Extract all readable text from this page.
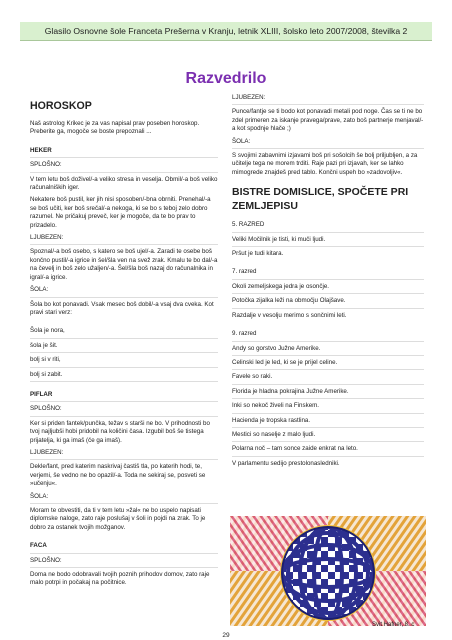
Glasilo Osnovne šole Franceta Prešerna v Kranju, letnik XLIII, šolsko leto 2007/2008, številka 2
Razvedrilo
HOROSKOP

Naš astrolog Krikec je za vas napisal prav poseben horoskop. Preberite ga, mogoče se boste prepoznali ...

HEKER

SPLOŠNO:

V tem letu boš doživel/-a veliko stresa in veselja. Obmil/-a boš veliko računalniških iger.

Nekatere boš pustil, ker jih nisi sposoben/-bna obrniti. Prenehal/-a se boš učiti, ker boš srečal/-a nekoga, ki se bo s teboj zelo dobro razumel. Ne pričakuj preveč, ker je mogoče, da te bo prav to prizadelo.

LJUBEZEN:

Spoznal/-a boš osebo, s katero se boš ujel/-a. Zaradi te osebe boš končno pustil/-a igrice in šel/šla ven na svež zrak. Kmalu te bo dal/-a na čevelj in boš zelo užaljen/-a. Šel/šla boš nazaj do računalnika in igral/-a igrice.

ŠOLA:

Šola bo kot ponavadi. Vsak mesec boš dobil/-a vsaj dva cveka. Kot pravi stari verz:

Šola je nora,

šola je šit.

bolj si v riti,

bolj si zabit.

PIFLAR

SPLOŠNO:

Ker si priden fantek/punčka, težav s starši ne bo. V prihodnosti bo tvoj najljubši hobi pridobil na količini časa. Izgubil boš še tistega prijatelja, ki ga imaš (če ga imaš).

LJUBEZEN:

Dekle/fant, pred katerim naskrivaj častiš tla, po katerih hodi, te, verjemi, še vedno ne bo opazil/-a. Toda ne sekiraj se, posveti se »učenju«.

ŠOLA:

Moram te obvestiti, da ti v tem letu »žal« ne bo uspelo napisati diplomske naloge, zato raje poslušaj v šoli in pojdi na zrak. To je dobro za ostanek tvojih možganov.

FACA

SPLOŠNO:

Doma ne bodo odobravali tvojih poznih prihodov domov, zato raje malo potrpi in počakaj na počitnice.

LJUBEZEN:

Punce/fantje se ti bodo kot ponavadi metali pod noge. Čas se ti ne bo zdel primeren za iskanje pravega/prave, zato boš partnerje menjaval/-a kot spodnje hlače ;)

ŠOLA:

S svojimi zabavnimi izjavami boš pri sošolcih še bolj priljubljen, a za učitelje tega ne morem trditi. Raje pazi pri izjavah, ker se lahko mimogrede znajdeš pred tablo. Končni uspeh bo »zadovoljiv«.

BISTRE DOMISLICE, SPOČETE PRI ZEMLJEPISU

5. RAZRED

Veliki Močilnik je tisti, ki muči ljudi.

Pršut je tudi kitara.

7. razred

Okoli zemeljskega jedra je osončje.

Potočka zijalka leži na območju Olajšave.

Razdalje v vesolju merimo s sončnimi leti.

9. razred

Andy so gorstvo Južne Amerike.

Celinski led je led, ki se je prijel celine.

Favele so raki.

Florida je hladna pokrajina Južne Amerike.

Inki so nekoč živeli na Finskem.

Hacienda je tropska rastlina.

Mestici so naselje z malo ljudi.

Polarna noč – tam sonce zaide enkrat na leto.

V parlamentu sedijo prestolonasledniki.

Svit Hafner, 8. c
29
